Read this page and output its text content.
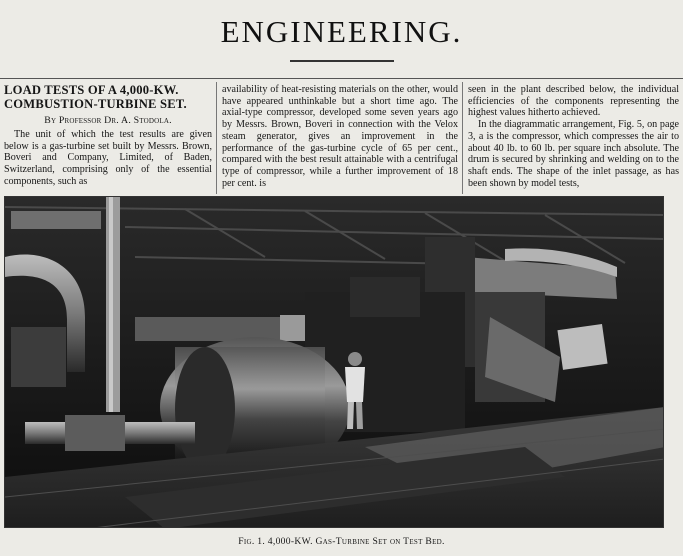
ENGINEERING.
LOAD TESTS OF A 4,000-KW.
COMBUSTION-TURBINE SET.
By Professor Dr. A. Stodola.

The unit of which the test results are given below is a gas-turbine set built by Messrs. Brown, Boveri and Company, Limited, of Baden, Switzerland, comprising only of the essential components, such as

availability of heat-resisting materials on the other, would have appeared unthinkable but a short time ago. The axial-type compressor, developed some seven years ago by Messrs. Brown, Boveri in connection with the Velox steam generator, gives an improvement in the performance of the gas-turbine cycle of 65 per cent., compared with the best result attainable with a centrifugal type of compressor, while a further improvement of 18 per cent. is

seen in the plant described below, the individual efficiencies of the components representing the highest values hitherto achieved.

In the diagrammatic arrangement, Fig. 5, on page 3, a is the compressor, which compresses the air to about 40 lb. to 60 lb. per square inch absolute. The drum is secured by shrinking and welding on to the shaft ends. The shape of the inlet passage, as has been shown by model tests,

Fig. 1. 4,000-KW. Gas-Turbine Set on Test Bed.
